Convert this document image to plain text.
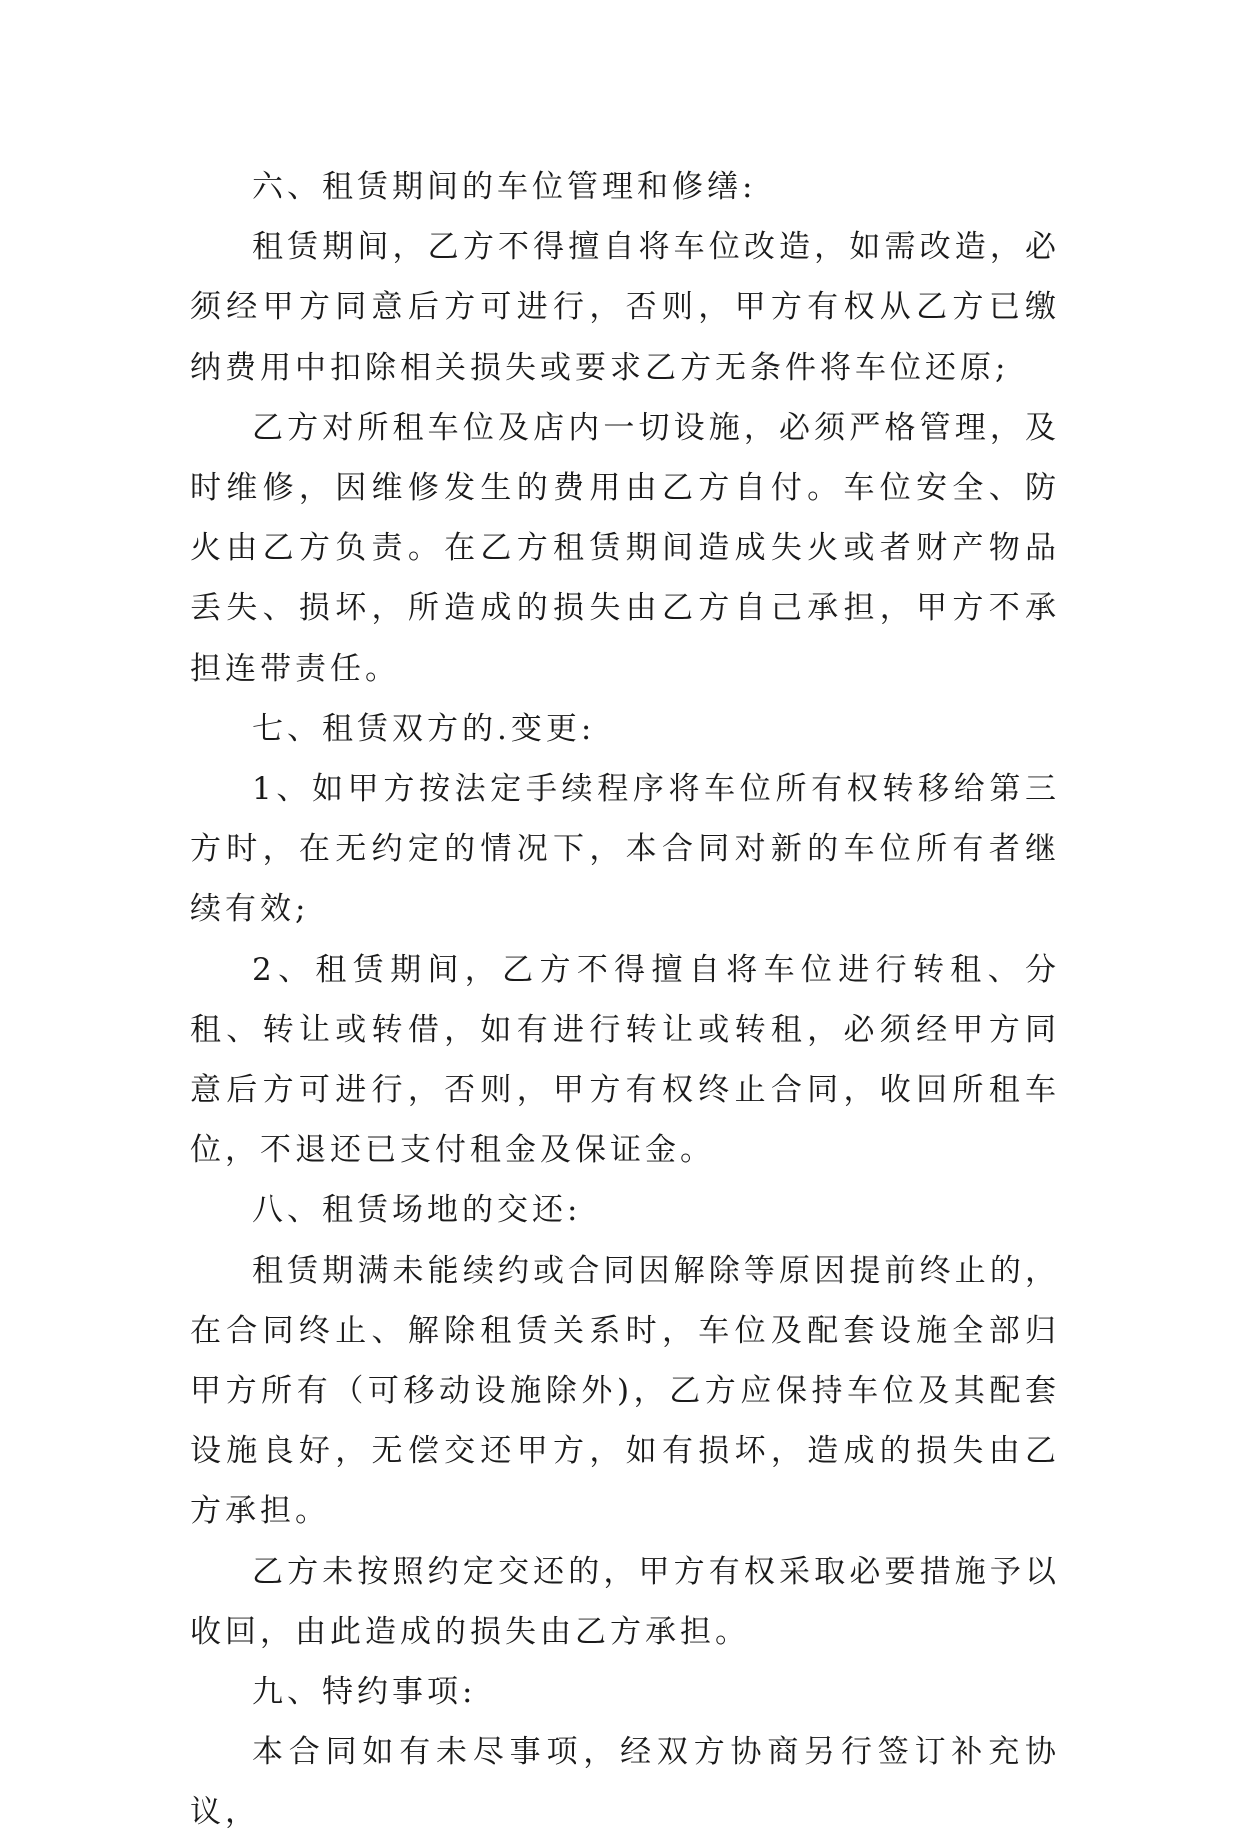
六、租赁期间的车位管理和修缮:

租赁期间，乙方不得擅自将车位改造，如需改造，必须经甲方同意后方可进行，否则，甲方有权从乙方已缴纳费用中扣除相关损失或要求乙方无条件将车位还原;

乙方对所租车位及店内一切设施，必须严格管理，及时维修，因维修发生的费用由乙方自付。车位安全、防火由乙方负责。在乙方租赁期间造成失火或者财产物品丢失、损坏，所造成的损失由乙方自己承担，甲方不承担连带责任。

七、租赁双方的.变更:

1、如甲方按法定手续程序将车位所有权转移给第三方时，在无约定的情况下，本合同对新的车位所有者继续有效;

2、租赁期间，乙方不得擅自将车位进行转租、分租、转让或转借，如有进行转让或转租，必须经甲方同意后方可进行，否则，甲方有权终止合同，收回所租车位，不退还已支付租金及保证金。

八、租赁场地的交还:

租赁期满未能续约或合同因解除等原因提前终止的，在合同终止、解除租赁关系时，车位及配套设施全部归甲方所有（可移动设施除外)，乙方应保持车位及其配套设施良好，无偿交还甲方，如有损坏，造成的损失由乙方承担。

乙方未按照约定交还的，甲方有权采取必要措施予以收回，由此造成的损失由乙方承担。

九、特约事项:

本合同如有未尽事项，经双方协商另行签订补充协议，
